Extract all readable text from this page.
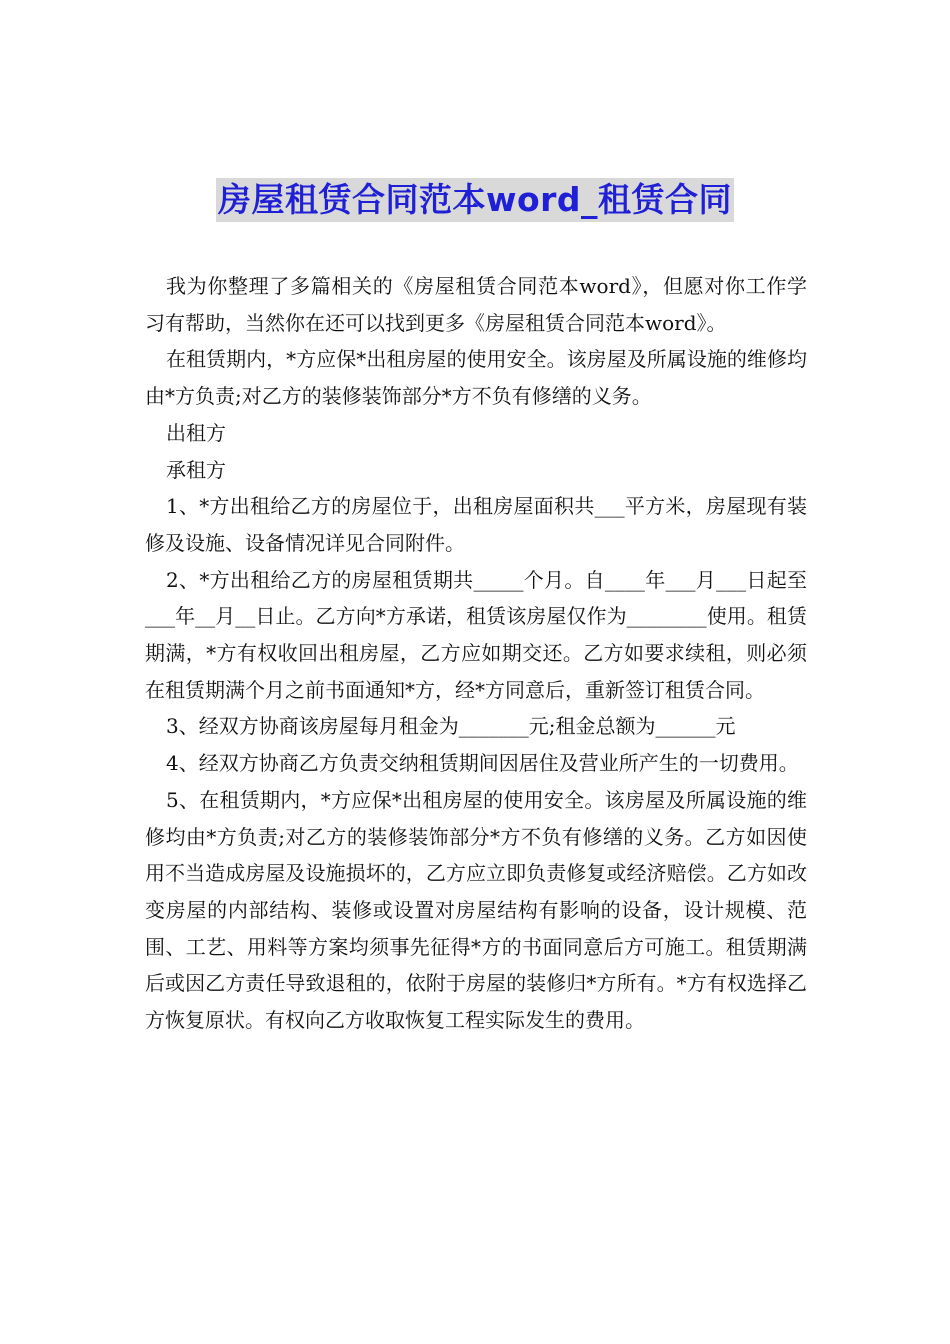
房屋租赁合同范本word_租赁合同

我为你整理了多篇相关的《房屋租赁合同范本word》，但愿对你工作学习有帮助，当然你在还可以找到更多《房屋租赁合同范本word》。

在租赁期内，*方应保*出租房屋的使用安全。该房屋及所属设施的维修均由*方负责;对乙方的装修装饰部分*方不负有修缮的义务。

出租方

承租方

1、*方出租给乙方的房屋位于，出租房屋面积共___平方米，房屋现有装修及设施、设备情况详见合同附件。

2、*方出租给乙方的房屋租赁期共_____个月。自____年___月___日起至___年__月__日止。乙方向*方承诺，租赁该房屋仅作为________使用。租赁期满，*方有权收回出租房屋，乙方应如期交还。乙方如要求续租，则必须在租赁期满个月之前书面通知*方，经*方同意后，重新签订租赁合同。

3、经双方协商该房屋每月租金为_______元;租金总额为______元

4、经双方协商乙方负责交纳租赁期间因居住及营业所产生的一切费用。

5、在租赁期内，*方应保*出租房屋的使用安全。该房屋及所属设施的维修均由*方负责;对乙方的装修装饰部分*方不负有修缮的义务。乙方如因使用不当造成房屋及设施损坏的，乙方应立即负责修复或经济赔偿。乙方如改变房屋的内部结构、装修或设置对房屋结构有影响的设备，设计规模、范围、工艺、用料等方案均须事先征得*方的书面同意后方可施工。租赁期满后或因乙方责任导致退租的，依附于房屋的装修归*方所有。*方有权选择乙方恢复原状。有权向乙方收取恢复工程实际发生的费用。
